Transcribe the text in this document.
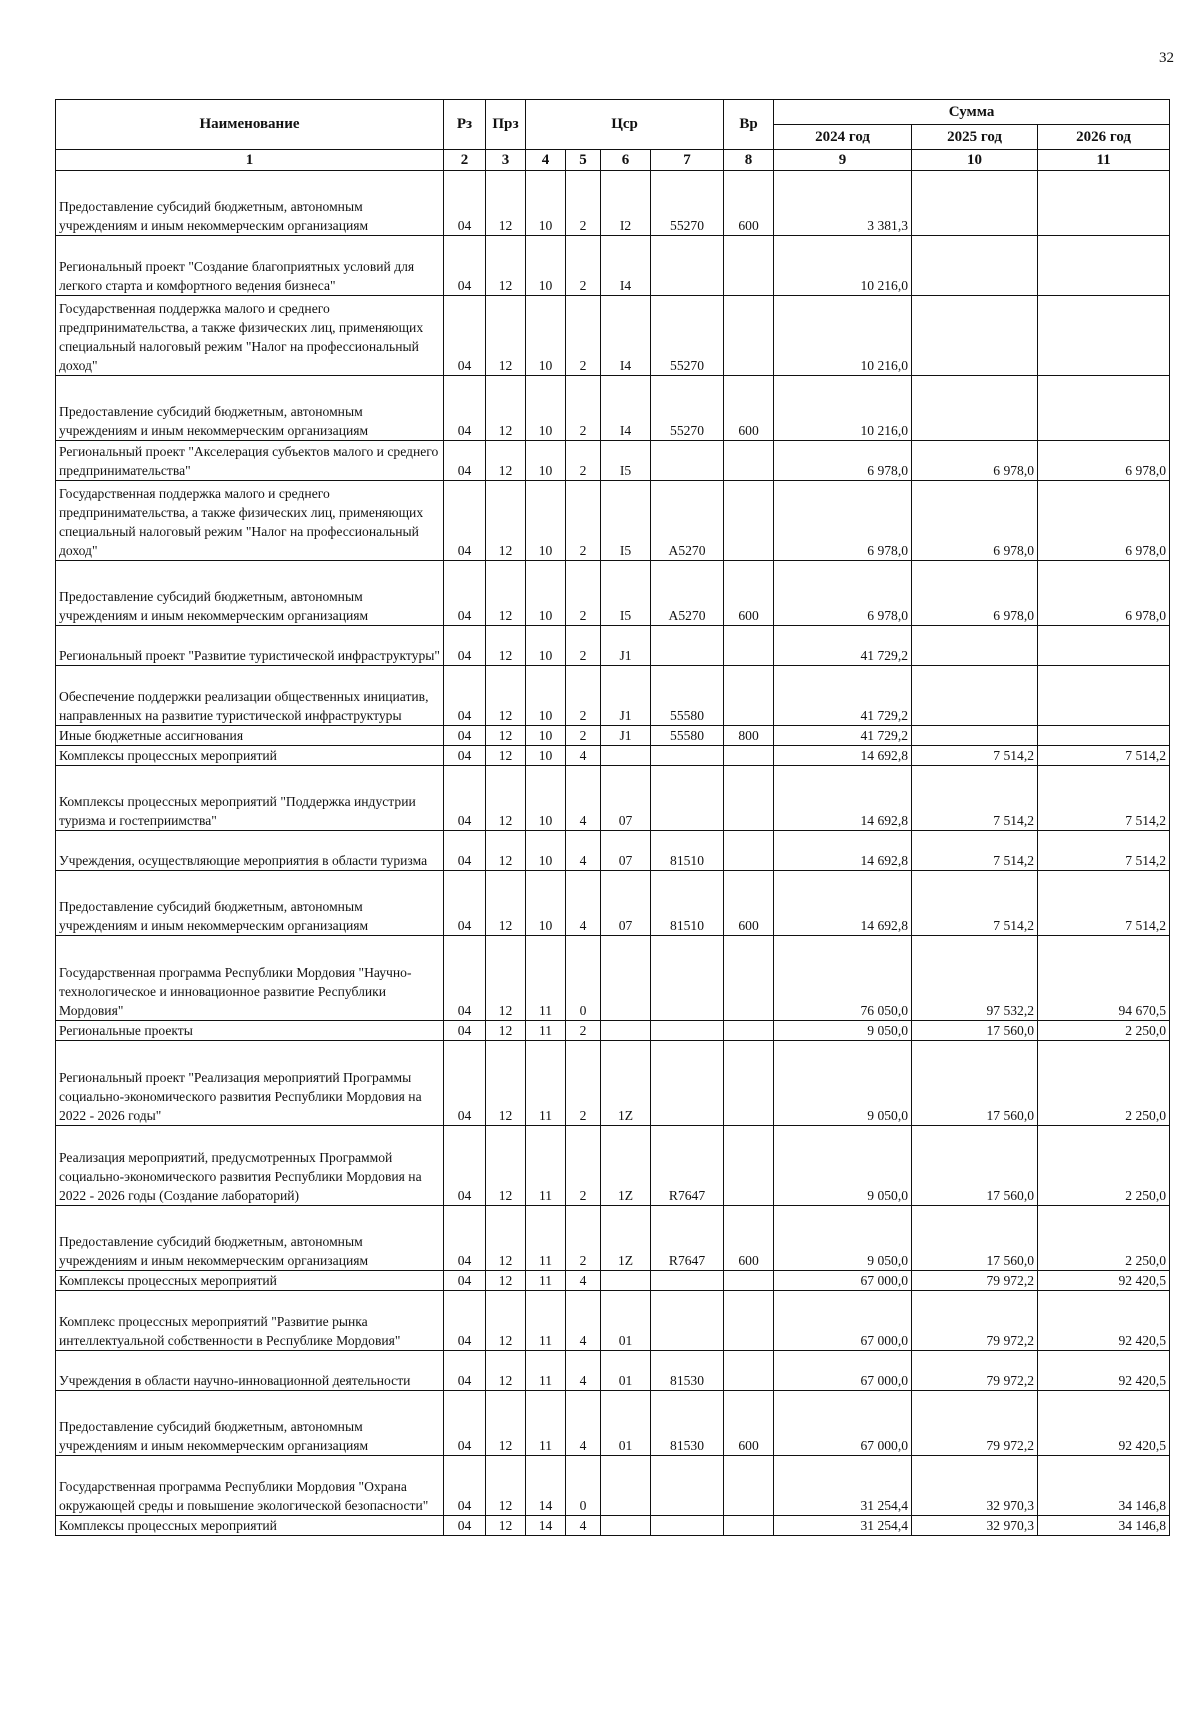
32
Наименование	Рз	Прз	Цср				Вр	Сумма		
								2024 год	2025 год	2026 год
1	2	3	4	5	6	7	8	9	10	11
Предоставление субсидий бюджетным, автономным учреждениям и иным некоммерческим организациям	04	12	10	2	I2	55270	600	3 381,3		
Региональный проект "Создание благоприятных условий для легкого старта и комфортного ведения бизнеса"	04	12	10	2	I4			10 216,0		
Государственная поддержка малого и среднего предпринимательства, а также физических лиц, применяющих специальный налоговый режим "Налог на профессиональный доход"	04	12	10	2	I4	55270		10 216,0		
Предоставление субсидий бюджетным, автономным учреждениям и иным некоммерческим организациям	04	12	10	2	I4	55270	600	10 216,0		
Региональный проект "Акселерация субъектов малого и среднего предпринимательства"	04	12	10	2	I5			6 978,0	6 978,0	6 978,0
Государственная поддержка малого и среднего предпринимательства, а также физических лиц, применяющих специальный налоговый режим "Налог на профессиональный доход"	04	12	10	2	I5	A5270		6 978,0	6 978,0	6 978,0
Предоставление субсидий бюджетным, автономным учреждениям и иным некоммерческим организациям	04	12	10	2	I5	A5270	600	6 978,0	6 978,0	6 978,0
Региональный проект "Развитие туристической инфраструктуры"	04	12	10	2	J1			41 729,2		
Обеспечение поддержки реализации общественных инициатив, направленных на развитие туристической инфраструктуры	04	12	10	2	J1	55580		41 729,2		
Иные бюджетные ассигнования	04	12	10	2	J1	55580	800	41 729,2		
Комплексы процессных мероприятий	04	12	10	4				14 692,8	7 514,2	7 514,2
Комплексы процессных мероприятий "Поддержка индустрии туризма и гостеприимства"	04	12	10	4	07			14 692,8	7 514,2	7 514,2
Учреждения, осуществляющие мероприятия в области туризма	04	12	10	4	07	81510		14 692,8	7 514,2	7 514,2
Предоставление субсидий бюджетным, автономным учреждениям и иным некоммерческим организациям	04	12	10	4	07	81510	600	14 692,8	7 514,2	7 514,2
Государственная программа Республики Мордовия "Научно-технологическое и инновационное развитие Республики Мордовия"	04	12	11	0				76 050,0	97 532,2	94 670,5
Региональные проекты	04	12	11	2				9 050,0	17 560,0	2 250,0
Региональный проект "Реализация мероприятий Программы социально-экономического развития Республики Мордовия на 2022 - 2026 годы"	04	12	11	2	1Z			9 050,0	17 560,0	2 250,0
Реализация мероприятий, предусмотренных Программой социально-экономического развития Республики Мордовия на 2022 - 2026 годы (Создание лабораторий)	04	12	11	2	1Z	R7647		9 050,0	17 560,0	2 250,0
Предоставление субсидий бюджетным, автономным учреждениям и иным некоммерческим организациям	04	12	11	2	1Z	R7647	600	9 050,0	17 560,0	2 250,0
Комплексы процессных мероприятий	04	12	11	4				67 000,0	79 972,2	92 420,5
Комплекс процессных мероприятий "Развитие рынка интеллектуальной собственности в Республике Мордовия"	04	12	11	4	01			67 000,0	79 972,2	92 420,5
Учреждения в области научно-инновационной деятельности	04	12	11	4	01	81530		67 000,0	79 972,2	92 420,5
Предоставление субсидий бюджетным, автономным учреждениям и иным некоммерческим организациям	04	12	11	4	01	81530	600	67 000,0	79 972,2	92 420,5
Государственная программа Республики Мордовия "Охрана окружающей среды и повышение экологической безопасности"	04	12	14	0				31 254,4	32 970,3	34 146,8
Комплексы процессных мероприятий	04	12	14	4				31 254,4	32 970,3	34 146,8
